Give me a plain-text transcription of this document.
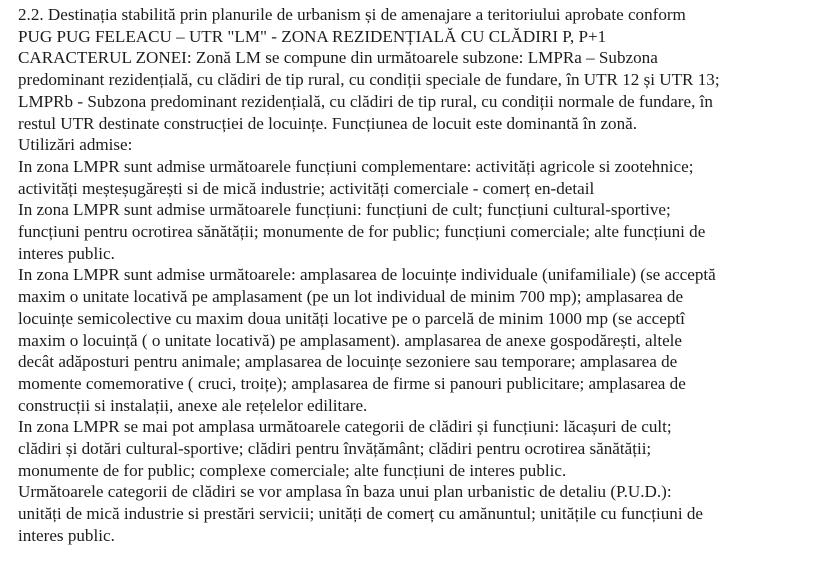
2.2. Destinația stabilită prin planurile de urbanism și de amenajare a teritoriului aprobate conform
PUG PUG FELEACU – UTR "LM" - ZONA REZIDENȚIALĂ CU CLĂDIRI P, P+1

CARACTERUL ZONEI: Zonă LM se compune din următoarele subzone: LMPRa – Subzona
predominant rezidențială, cu clădiri de tip rural, cu condiții speciale de fundare, în UTR 12 și UTR 13;
LMPRb - Subzona predominant rezidențială, cu clădiri de tip rural, cu condiții normale de fundare, în
restul UTR destinate construcției de locuințe. Funcțiunea de locuit este dominantă în zonă.

Utilizări admise:

In zona LMPR sunt admise următoarele funcțiuni complementare: activități agricole si zootehnice;
activități meșteșugărești si de mică industrie; activități comerciale - comerț en-detail

In zona LMPR sunt admise următoarele funcțiuni: funcțiuni de cult; funcțiuni cultural-sportive;
funcțiuni pentru ocrotirea sănătății; monumente de for public; funcțiuni comerciale; alte funcțiuni de
interes public.

In zona LMPR sunt admise următoarele: amplasarea de locuințe individuale (unifamiliale) (se acceptă
maxim o unitate locativă pe amplasament (pe un lot individual de minim 700 mp); amplasarea de
locuințe semicolective cu maxim doua unități locative pe o parcelă de minim 1000 mp (se acceptî
maxim o locuință ( o unitate locativă) pe amplasament). amplasarea de anexe gospodărești, altele
decât adăposturi pentru animale; amplasarea de locuințe sezoniere sau temporare; amplasarea de
momente comemorative ( cruci, troițe); amplasarea de firme si panouri publicitare; amplasarea de
construcții si instalații, anexe ale rețelelor edilitare.

In zona LMPR se mai pot amplasa următoarele categorii de clădiri și funcțiuni: lăcașuri de cult;
clădiri și dotări cultural-sportive; clădiri pentru învățământ; clădiri pentru ocrotirea sănătății;
monumente de for public; complexe comerciale; alte funcțiuni de interes public.

Următoarele categorii de clădiri se vor amplasa în baza unui plan urbanistic de detaliu (P.U.D.):
unități de mică industrie si prestări servicii; unități de comerț cu amănuntul; unitățile cu funcțiuni de
interes public.
